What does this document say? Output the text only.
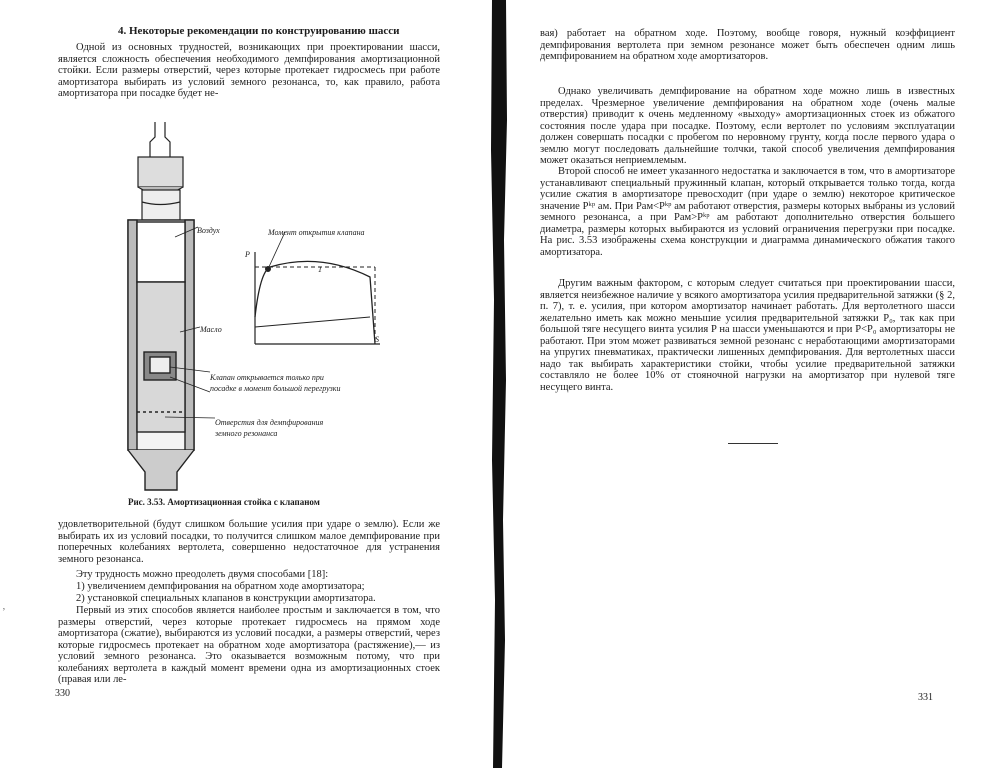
4. Некоторые рекомендации по конструированию шасси

Одной из основных трудностей, возникающих при проектировании шасси, является сложность обеспечения необходимого демпфирования амортизационной стойки. Если размеры отверстий, через которые протекает гидросмесь при работе амортизатора выбирать из условий земного резонанса, то, как правило, работа амортизатора при посадке будет не-

Воздух
Масло
Клапан открывается только при
посадке в момент большой перегрузки
Отверстия для демпфирования
земного резонанса
Момент открытия клапана
P
S
1
Рис. 3.53. Амортизационная стойка с клапаном

удовлетворительной (будут слишком большие усилия при ударе о землю). Если же выбирать их из условий посадки, то получится слишком малое демпфирование при поперечных колебаниях вертолета, совершенно недостаточное для устранения земного резонанса.

Эту трудность можно преодолеть двумя способами [18]:

1) увеличением демпфирования на обратном ходе амортизатора;

2) установкой специальных клапанов в конструкции амортизатора.

Первый из этих способов является наиболее простым и заключается в том, что размеры отверстий, через которые протекает гидросмесь на прямом ходе амортизатора (сжатие), выбираются из условий посадки, а размеры отверстий, через которые гидросмесь протекает на обратном ходе амортизатора (растяжение),— из условий земного резонанса. Это оказывается возможным потому, что при колебаниях вертолета в каждый момент времени одна из амортизационных стоек (правая или ле-

330
ʼ

вая) работает на обратном ходе. Поэтому, вообще говоря, нужный коэффициент демпфирования вертолета при земном резонансе может быть обеспечен одним лишь демпфированием на обратном ходе амортизаторов.

Однако увеличивать демпфирование на обратном ходе можно лишь в известных пределах. Чрезмерное увеличение демпфирования на обратном ходе (очень малые отверстия) приводит к очень медленному «выходу» амортизационных стоек из обжатого состояния после удара при посадке. Поэтому, если вертолет по условиям эксплуатации должен совершать посадки с пробегом по неровному грунту, когда после первого удара о землю могут последовать дальнейшие толчки, такой способ увеличения демпфирования может оказаться неприемлемым.

Второй способ не имеет указанного недостатка и заключается в том, что в амортизаторе устанавливают специальный пружинный клапан, который открывается только тогда, когда усилие сжатия в амортизаторе превосходит (при ударе о землю) некоторое критическое значение Pᵏᵖ ам. При Pам<Pᵏᵖ ам работают отверстия, размеры которых выбраны из условий земного резонанса, а при Pам>Pᵏᵖ ам работают дополнительно отверстия большего диаметра, размеры которых выбираются из условий ограничения перегрузки при посадке. На рис. 3.53 изображены схема конструкции и диаграмма динамического обжатия такого амортизатора.

Другим важным фактором, с которым следует считаться при проектировании шасси, является неизбежное наличие у всякого амортизатора усилия предварительной затяжки (§ 2, п. 7), т. е. усилия, при котором амортизатор начинает работать. Для вертолетного шасси желательно иметь как можно меньшие усилия предварительной затяжки P₀, так как при большой тяге несущего винта усилия P на шасси уменьшаются и при P<P₀ амортизаторы не работают. При этом может развиваться земной резонанс с неработающими амортизаторами на упругих пневматиках, практически лишенных демпфирования. Для вертолетных шасси надо так выбирать характеристики стойки, чтобы усилие предварительной затяжки составляло не более 10% от стояночной нагрузки на амортизатор при нулевой тяге несущего винта.

331
